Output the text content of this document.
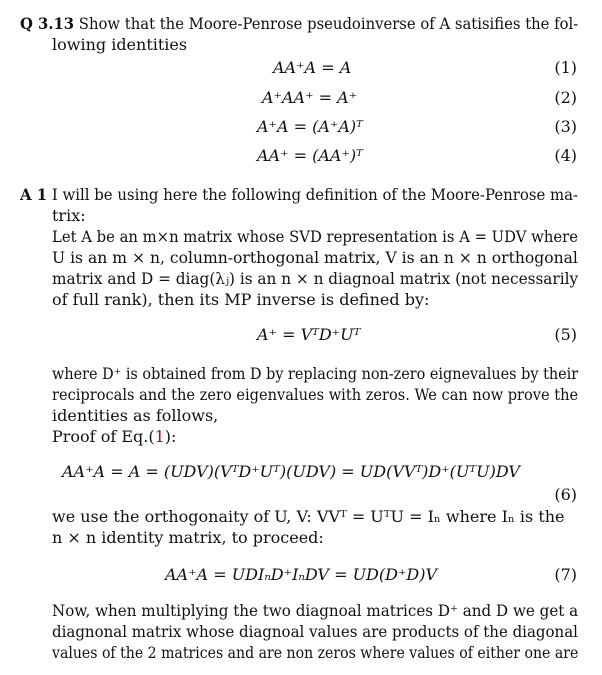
Q 3.13 Show that the Moore-Penrose pseudoinverse of A satisifies the fol-
lowing identities
AA⁺A = A	(1)
A⁺AA⁺ = A⁺	(2)
A⁺A = (A⁺A)ᵀ	(3)
AA⁺ = (AA⁺)ᵀ	(4)
A 1 I will be using here the following definition of the Moore-Penrose ma-
trix:
Let A be an m×n matrix whose SVD representation is A = UDV where
U is an m × n, column-orthogonal matrix, V is an n × n orthogonal
matrix and D = diag(λⱼ) is an n × n diagnoal matrix (not necessarily
of full rank), then its MP inverse is defined by:
A⁺ = VᵀD⁺Uᵀ	(5)
where D⁺ is obtained from D by replacing non-zero eignevalues by their
reciprocals and the zero eigenvalues with zeros. We can now prove the
identities as follows,
Proof of Eq.(1):
AA⁺A = A = (UDV)(VᵀD⁺Uᵀ)(UDV) = UD(VVᵀ)D⁺(UᵀU)DV
(6)
we use the orthogonaity of U, V: VVᵀ = UᵀU = Iₙ where Iₙ is the
n × n identity matrix, to proceed:
AA⁺A = UDIₙD⁺IₙDV = UD(D⁺D)V	(7)
Now, when multiplying the two diagnoal matrices D⁺ and D we get a
diagnonal matrix whose diagnoal values are products of the diagonal
values of the 2 matrices and are non zeros where values of either one are
